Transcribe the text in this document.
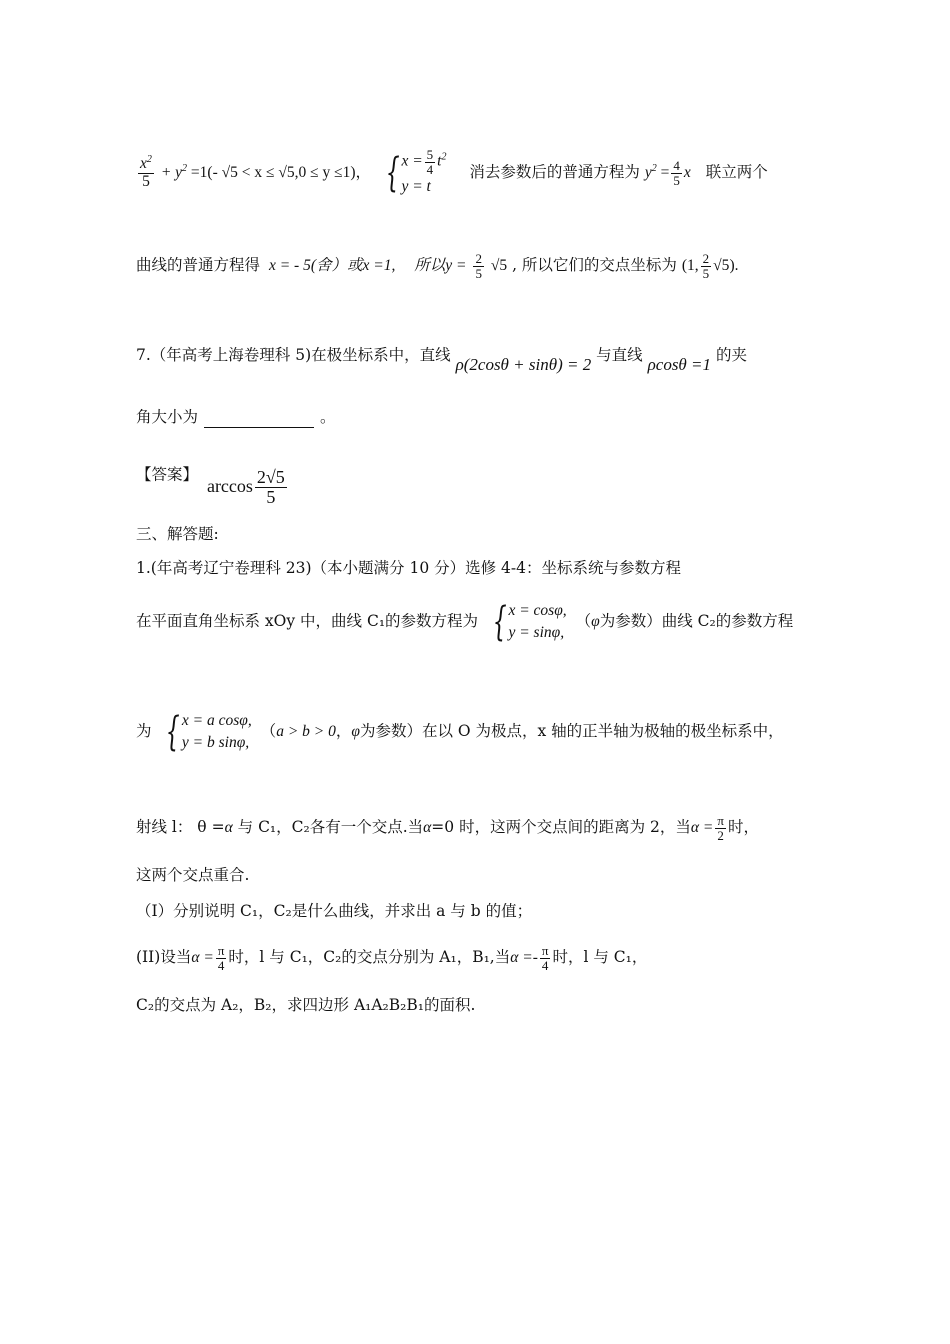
$\frac{x^2}{5} + y^2 =1(-$ √5 < x ≤ √5,0 ≤ y ≤1)， { $x = \frac{5}{4} t^2$
y = t
消去参数后的普通方程为 $y^2 = \frac{4}{5}$ x 联立两个
曲线的普通方程得 x = - 5(舍）或x =1, 所以$y = \frac{2}{5} √5$ , 所以它们的交点坐标为 (1, $\frac{2}{5} √5$).
7.（年高考上海卷理科 5)在极坐标系中，直线 ρ(2cosθ + sinθ) = 2 与直线 ρcosθ =1 的夹
角大小为	。
【答案】 $\arccos \frac{2√5}{5}$
三、解答题:
1.(年高考辽宁卷理科 23)（本小题满分 10 分）选修 4-4：坐标系统与参数方程
在平面直角坐标系 xOy 中，曲线 C₁的参数方程为 { x = cosφ,
y = sinφ,
（φ为参数）曲线 C₂的参数方程
为 { x = a cosφ,
y = b sinφ,
（a > b > 0，φ为参数）在以 O 为极点，x 轴的正半轴为极轴的极坐标系中，
射线 l： θ =α 与 C₁，C₂各有一个交点.当α=0 时，这两个交点间的距离为 2，当$\alpha = \frac{\pi}{2}$ 时，
这两个交点重合.
（I）分别说明 C₁，C₂是什么曲线，并求出 a 与 b 的值；
(II)设当$\alpha = \frac{\pi}{4}$ 时，l 与 C₁，C₂的交点分别为 A₁，B₁,当$\alpha =- \frac{\pi}{4}$ 时，l 与 C₁，
C₂的交点为 A₂，B₂，求四边形 A₁A₂B₂B₁的面积.
